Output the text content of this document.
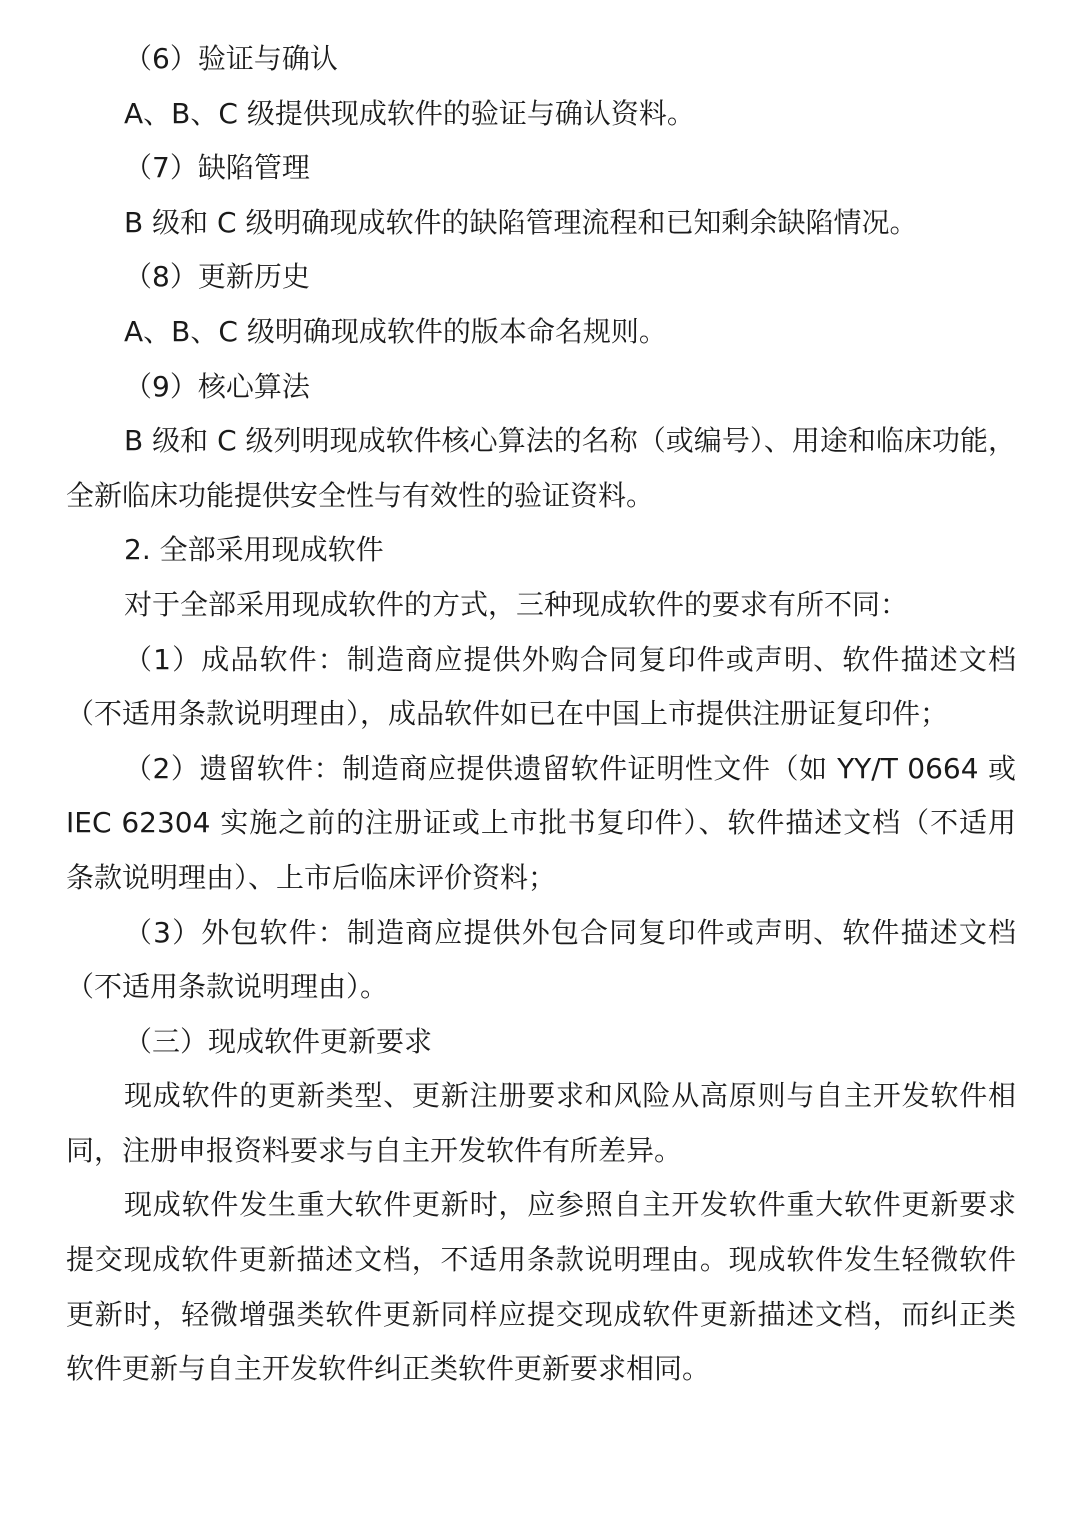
（6）验证与确认

A、B、C 级提供现成软件的验证与确认资料。

（7）缺陷管理

B 级和 C 级明确现成软件的缺陷管理流程和已知剩余缺陷情况。

（8）更新历史

A、B、C 级明确现成软件的版本命名规则。

（9）核心算法

B 级和 C 级列明现成软件核心算法的名称（或编号）、用途和临床功能，全新临床功能提供安全性与有效性的验证资料。

2. 全部采用现成软件

对于全部采用现成软件的方式，三种现成软件的要求有所不同：

（1）成品软件：制造商应提供外购合同复印件或声明、软件描述文档（不适用条款说明理由），成品软件如已在中国上市提供注册证复印件；

（2）遗留软件：制造商应提供遗留软件证明性文件（如 YY/T 0664 或 IEC 62304 实施之前的注册证或上市批书复印件）、软件描述文档（不适用条款说明理由）、上市后临床评价资料；

（3）外包软件：制造商应提供外包合同复印件或声明、软件描述文档（不适用条款说明理由）。

（三）现成软件更新要求

现成软件的更新类型、更新注册要求和风险从高原则与自主开发软件相同，注册申报资料要求与自主开发软件有所差异。

现成软件发生重大软件更新时，应参照自主开发软件重大软件更新要求提交现成软件更新描述文档，不适用条款说明理由。现成软件发生轻微软件更新时，轻微增强类软件更新同样应提交现成软件更新描述文档，而纠正类软件更新与自主开发软件纠正类软件更新要求相同。
